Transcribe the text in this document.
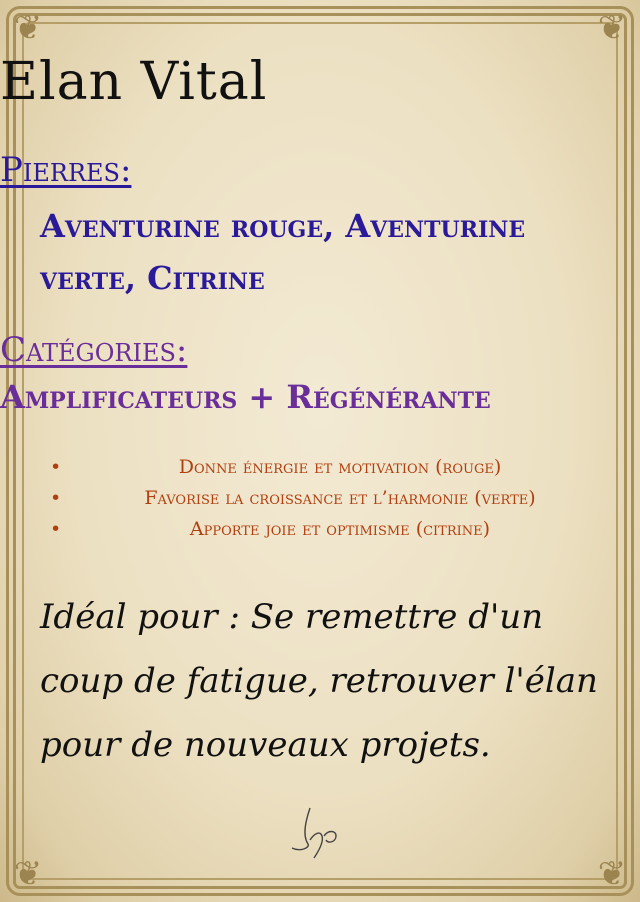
❦	❦
❦	❦
Elan Vital
Pierres:
Aventurine rouge, Aventurine
verte, Citrine
Catégories:
Amplificateurs + Régénérante
•	Donne énergie et motivation (rouge)
•	Favorise la croissance et l’harmonie (verte)
•	Apporte joie et optimisme (citrine)
Idéal pour : Se remettre d'un
coup de fatigue, retrouver l'élan
pour de nouveaux projets.
